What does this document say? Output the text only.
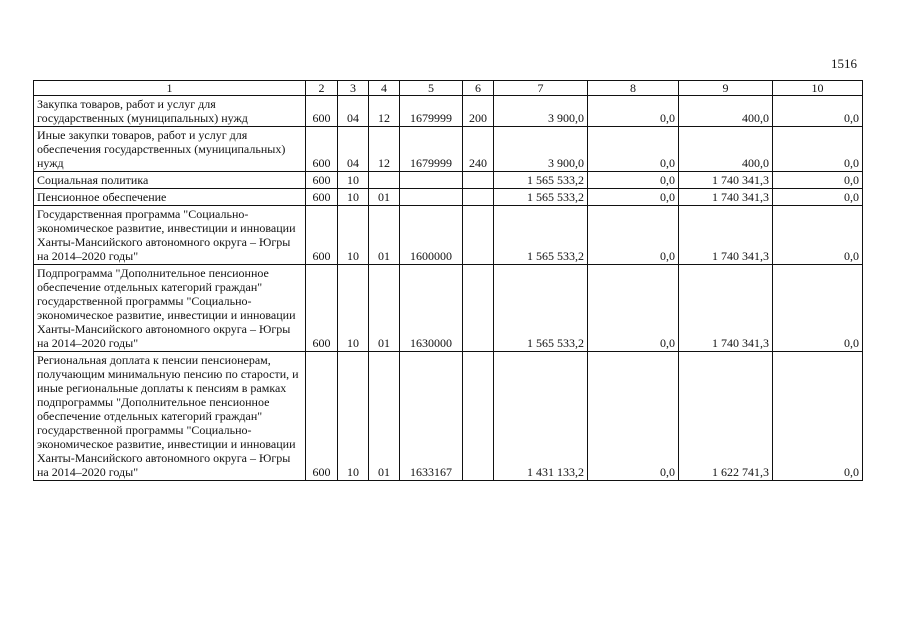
1516
1	2	3	4	5	6	7	8	9	10
Закупка товаров, работ и услуг для государственных (муниципальных) нужд	600	04	12	1679999	200	3 900,0	0,0	400,0	0,0
Иные закупки товаров, работ и услуг для обеспечения государственных (муниципальных) нужд	600	04	12	1679999	240	3 900,0	0,0	400,0	0,0
Социальная политика	600	10				1 565 533,2	0,0	1 740 341,3	0,0
Пенсионное обеспечение	600	10	01			1 565 533,2	0,0	1 740 341,3	0,0
Государственная программа "Социально-экономическое развитие, инвестиции и инновации Ханты-Мансийского автономного округа – Югры на 2014–2020 годы"	600	10	01	1600000		1 565 533,2	0,0	1 740 341,3	0,0
Подпрограмма "Дополнительное пенсионное обеспечение отдельных категорий граждан" государственной программы "Социально-экономическое развитие, инвестиции и инновации Ханты-Мансийского автономного округа – Югры на 2014–2020 годы"	600	10	01	1630000		1 565 533,2	0,0	1 740 341,3	0,0
Региональная доплата к пенсии пенсионерам, получающим минимальную пенсию по старости, и иные региональные доплаты к пенсиям в рамках подпрограммы "Дополнительное пенсионное обеспечение отдельных категорий граждан" государственной программы "Социально-экономическое развитие, инвестиции и инновации Ханты-Мансийского автономного округа – Югры на 2014–2020 годы"	600	10	01	1633167		1 431 133,2	0,0	1 622 741,3	0,0
